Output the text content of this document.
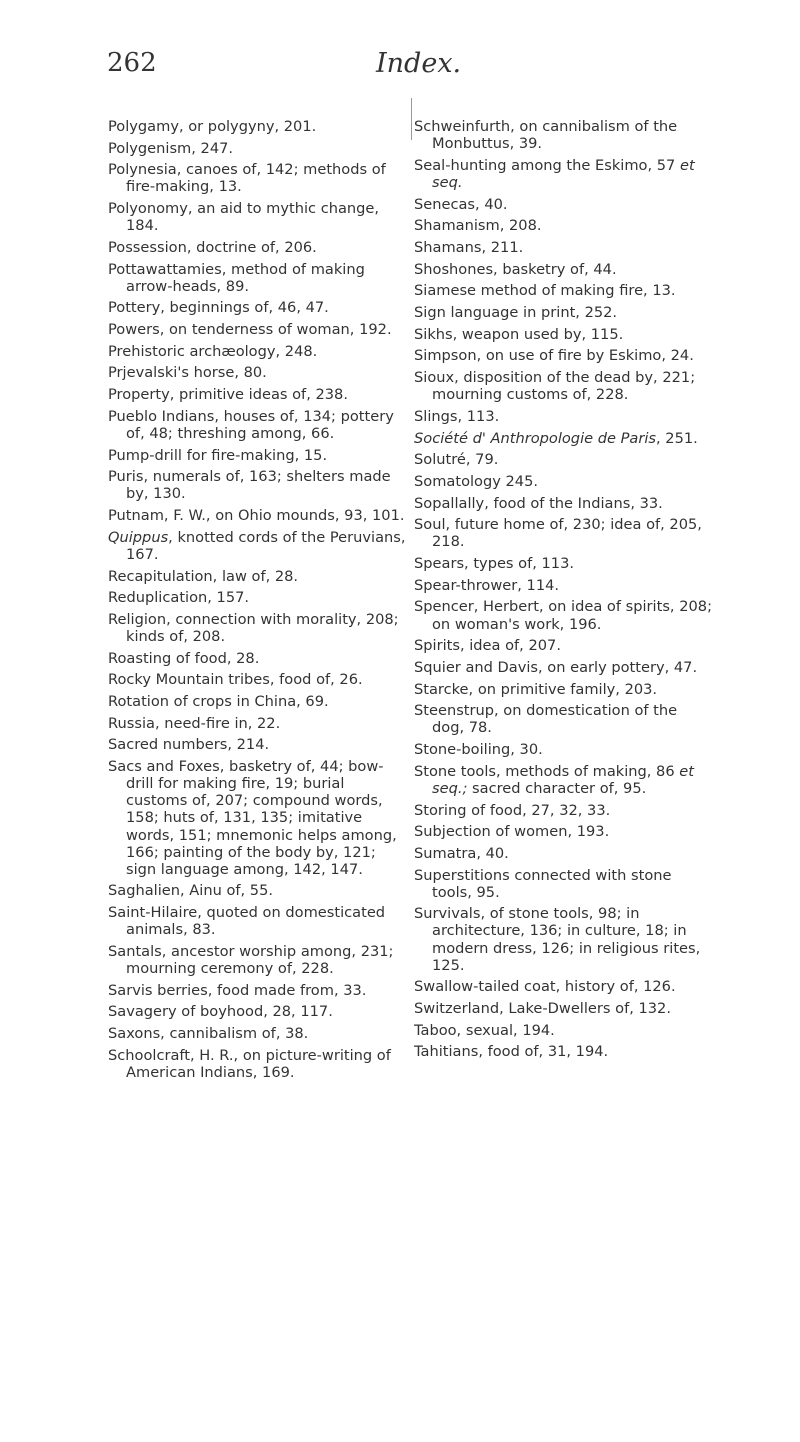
262	Index.

Polygamy, or polygyny, 201.

Polygenism, 247.

Polynesia, canoes of, 142; methods of fire-making, 13.

Polyonomy, an aid to mythic change, 184.

Possession, doctrine of, 206.

Pottawattamies, method of making arrow-heads, 89.

Pottery, beginnings of, 46, 47.

Powers, on tenderness of woman, 192.

Prehistoric archæology, 248.

Prjevalski's horse, 80.

Property, primitive ideas of, 238.

Pueblo Indians, houses of, 134; pottery of, 48; threshing among, 66.

Pump-drill for fire-making, 15.

Puris, numerals of, 163; shelters made by, 130.

Putnam, F. W., on Ohio mounds, 93, 101.

Quippus, knotted cords of the Peruvians, 167.

Recapitulation, law of, 28.

Reduplication, 157.

Religion, connection with morality, 208; kinds of, 208.

Roasting of food, 28.

Rocky Mountain tribes, food of, 26.

Rotation of crops in China, 69.

Russia, need-fire in, 22.

Sacred numbers, 214.

Sacs and Foxes, basketry of, 44; bow-drill for making fire, 19; burial customs of, 207; compound words, 158; huts of, 131, 135; imitative words, 151; mnemonic helps among, 166; painting of the body by, 121; sign language among, 142, 147.

Saghalien, Ainu of, 55.

Saint-Hilaire, quoted on domesticated animals, 83.

Santals, ancestor worship among, 231; mourning ceremony of, 228.

Sarvis berries, food made from, 33.

Savagery of boyhood, 28, 117.

Saxons, cannibalism of, 38.

Schoolcraft, H. R., on picture-writing of American Indians, 169.

Schweinfurth, on cannibalism of the Monbuttus, 39.

Seal-hunting among the Eskimo, 57 et seq.

Senecas, 40.

Shamanism, 208.

Shamans, 211.

Shoshones, basketry of, 44.

Siamese method of making fire, 13.

Sign language in print, 252.

Sikhs, weapon used by, 115.

Simpson, on use of fire by Eskimo, 24.

Sioux, disposition of the dead by, 221; mourning customs of, 228.

Slings, 113.

Société d' Anthropologie de Paris, 251.

Solutré, 79.

Somatology 245.

Sopallally, food of the Indians, 33.

Soul, future home of, 230; idea of, 205, 218.

Spears, types of, 113.

Spear-thrower, 114.

Spencer, Herbert, on idea of spirits, 208; on woman's work, 196.

Spirits, idea of, 207.

Squier and Davis, on early pottery, 47.

Starcke, on primitive family, 203.

Steenstrup, on domestication of the dog, 78.

Stone-boiling, 30.

Stone tools, methods of making, 86 et seq.; sacred character of, 95.

Storing of food, 27, 32, 33.

Subjection of women, 193.

Sumatra, 40.

Superstitions connected with stone tools, 95.

Survivals, of stone tools, 98; in architecture, 136; in culture, 18; in modern dress, 126; in religious rites, 125.

Swallow-tailed coat, history of, 126.

Switzerland, Lake-Dwellers of, 132.

Taboo, sexual, 194.

Tahitians, food of, 31, 194.
